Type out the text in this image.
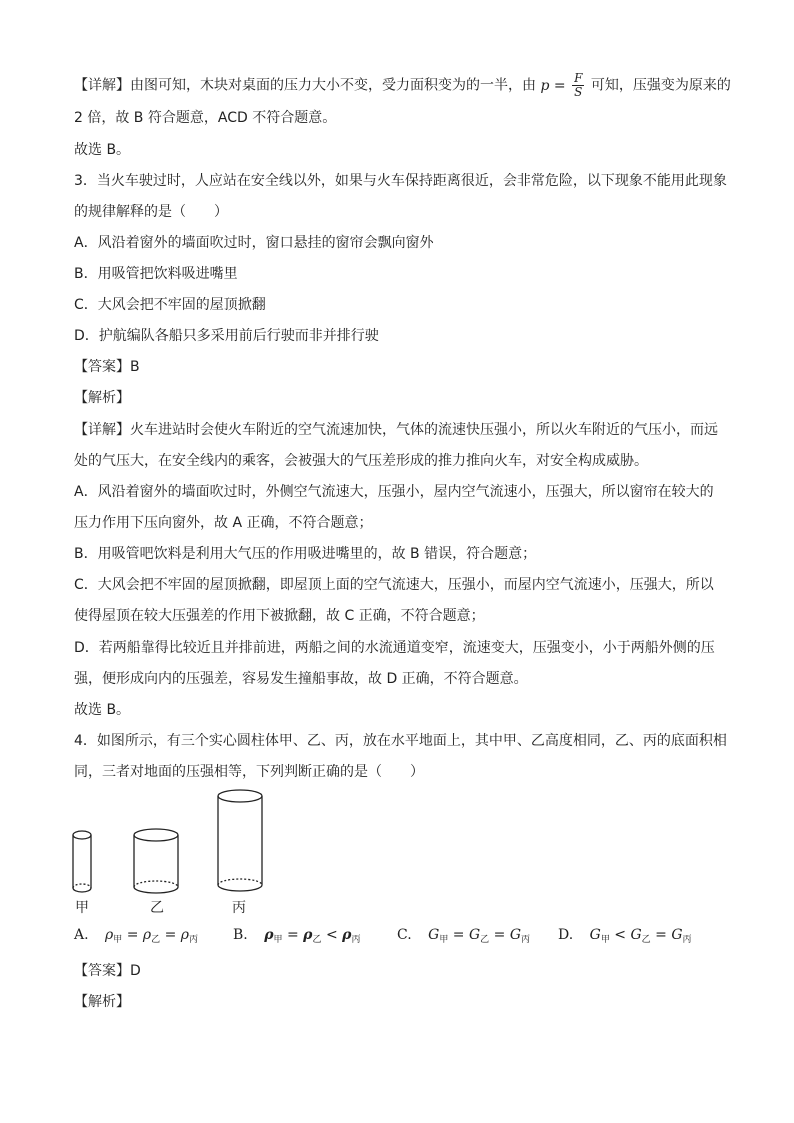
【详解】由图可知，木块对桌面的压力大小不变，受力面积变为的一半，由 $p = \frac{F}{S}$ 可知，压强变为原来的
2 倍，故 B 符合题意，ACD 不符合题意。
故选 B。
3．当火车驶过时，人应站在安全线以外，如果与火车保持距离很近，会非常危险，以下现象不能用此现象
的规律解释的是（　　）
A．风沿着窗外的墙面吹过时，窗口悬挂的窗帘会飘向窗外
B．用吸管把饮料吸进嘴里
C．大风会把不牢固的屋顶掀翻
D．护航编队各船只多采用前后行驶而非并排行驶
【答案】B
【解析】
【详解】火车进站时会使火车附近的空气流速加快，气体的流速快压强小，所以火车附近的气压小，而远
处的气压大，在安全线内的乘客，会被强大的气压差形成的推力推向火车，对安全构成威胁。
A．风沿着窗外的墙面吹过时，外侧空气流速大，压强小，屋内空气流速小，压强大，所以窗帘在较大的
压力作用下压向窗外，故 A 正确，不符合题意；
B．用吸管吧饮料是利用大气压的作用吸进嘴里的，故 B 错误，符合题意；
C．大风会把不牢固的屋顶掀翻，即屋顶上面的空气流速大，压强小，而屋内空气流速小，压强大，所以
使得屋顶在较大压强差的作用下被掀翻，故 C 正确，不符合题意；
D．若两船靠得比较近且并排前进，两船之间的水流通道变窄，流速变大，压强变小，小于两船外侧的压
强，便形成向内的压强差，容易发生撞船事故，故 D 正确，不符合题意。
故选 B。
4．如图所示，有三个实心圆柱体甲、乙、丙，放在水平地面上，其中甲、乙高度相同，乙、丙的底面积相
同，三者对地面的压强相等，下列判断正确的是（　　）
甲	乙	丙
A. $\rho_甲 = \rho_乙 = \rho_丙$ B. $\rho_甲 = \rho_乙 < \rho_丙$	C. $G_甲 = G_乙 = G_丙$ D. $G_甲 < G_乙 = G_丙$
【答案】D
【解析】
